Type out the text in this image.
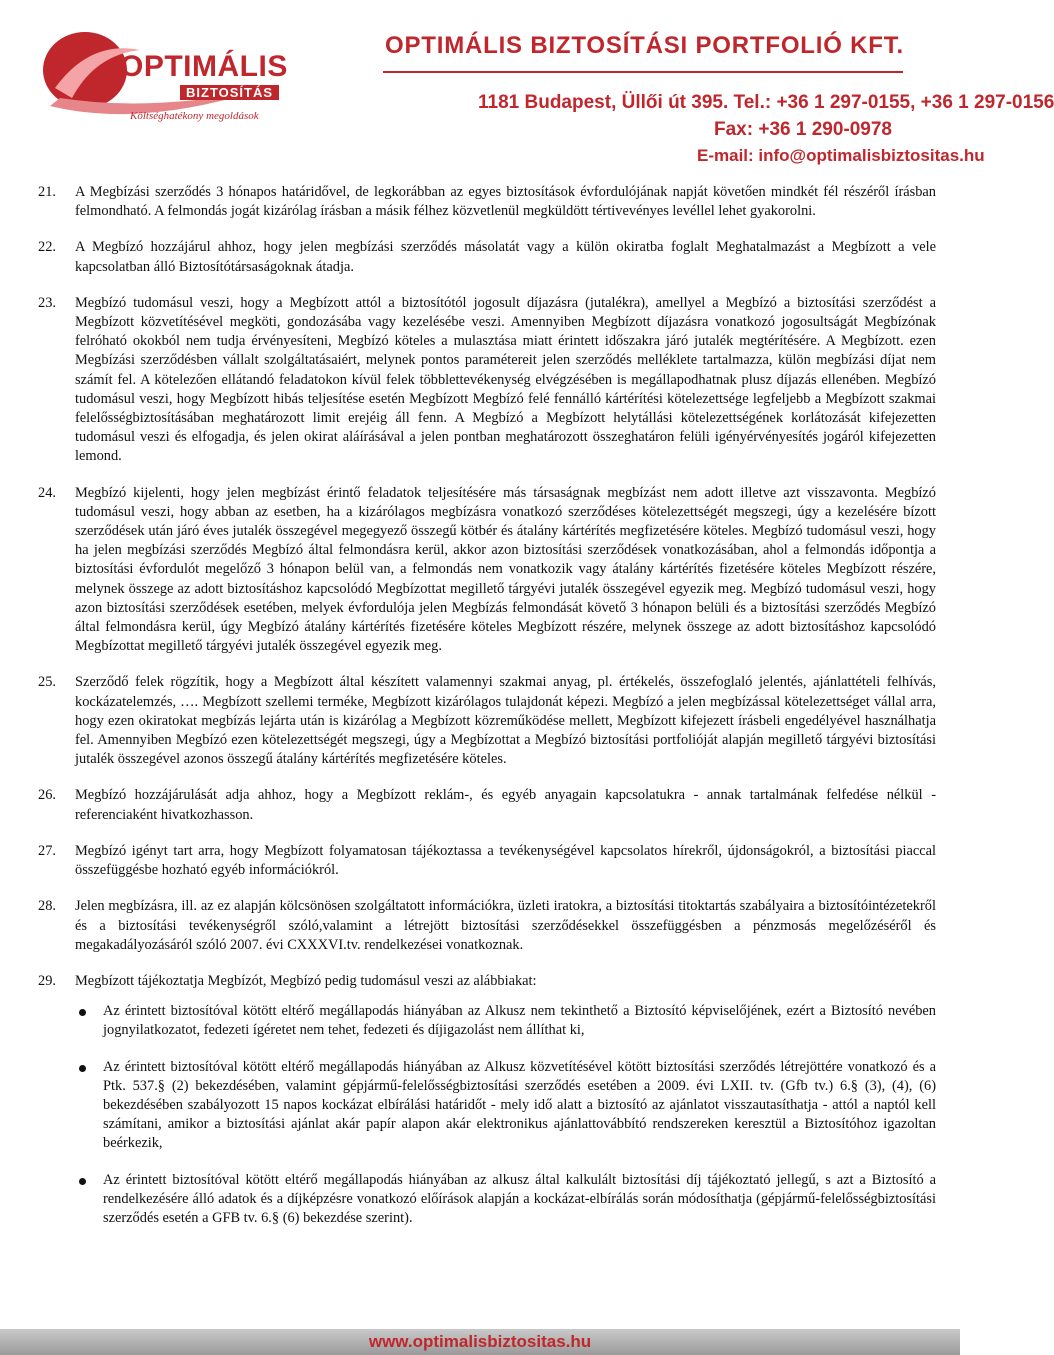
OPTIMÁLIS
BIZTOSÍTÁS
Költséghatékony megoldások
OPTIMÁLIS BIZTOSÍTÁSI PORTFOLIÓ KFT.
1181 Budapest, Üllői út 395. Tel.: +36 1 297-0155, +36 1 297-0156
Fax: +36 1 290-0978
E-mail: info@optimalisbiztositas.hu
21. A Megbízási szerződés 3 hónapos határidővel, de legkorábban az egyes biztosítások évfordulójának napját követően mindkét fél részéről írásban felmondható. A felmondás jogát kizárólag írásban a másik félhez közvetlenül megküldött tértivevényes levéllel lehet gyakorolni.
22. A Megbízó hozzájárul ahhoz, hogy jelen megbízási szerződés másolatát vagy a külön okiratba foglalt Meghatalmazást a Megbízott a vele kapcsolatban álló Biztosítótársaságoknak átadja.
23. Megbízó tudomásul veszi, hogy a Megbízott attól a biztosítótól jogosult díjazásra (jutalékra), amellyel a Megbízó a biztosítási szerződést a Megbízott közvetítésével megköti, gondozásába vagy kezelésébe veszi. Amennyiben Megbízott díjazásra vonatkozó jogosultságát Megbízónak felróható okokból nem tudja érvényesíteni, Megbízó köteles a mulasztása miatt érintett időszakra járó jutalék megtérítésére. A Megbízott. ezen Megbízási szerződésben vállalt szolgáltatásaiért, melynek pontos paramétereit jelen szerződés melléklete tartalmazza, külön megbízási díjat nem számít fel. A kötelezően ellátandó feladatokon kívül felek többlettevékenység elvégzésében is megállapodhatnak plusz díjazás ellenében. Megbízó tudomásul veszi, hogy Megbízott hibás teljesítése esetén Megbízott Megbízó felé fennálló kártérítési kötelezettsége legfeljebb a Megbízott szakmai felelősségbiztosításában meghatározott limit erejéig áll fenn. A Megbízó a Megbízott helytállási kötelezettségének korlátozását kifejezetten tudomásul veszi és elfogadja, és jelen okirat aláírásával a jelen pontban meghatározott összeghatáron felüli igényérvényesítés jogáról kifejezetten lemond.
24. Megbízó kijelenti, hogy jelen megbízást érintő feladatok teljesítésére más társaságnak megbízást nem adott illetve azt visszavonta. Megbízó tudomásul veszi, hogy abban az esetben, ha a kizárólagos megbízásra vonatkozó szerződéses kötelezettségét megszegi, úgy a kezelésére bízott szerződések után járó éves jutalék összegével megegyező összegű kötbér és átalány kártérítés megfizetésére köteles. Megbízó tudomásul veszi, hogy ha jelen megbízási szerződés Megbízó által felmondásra kerül, akkor azon biztosítási szerződések vonatkozásában, ahol a felmondás időpontja a biztosítási évfordulót megelőző 3 hónapon belül van, a felmondás nem vonatkozik vagy átalány kártérítés fizetésére köteles Megbízott részére, melynek összege az adott biztosításhoz kapcsolódó Megbízottat megillető tárgyévi jutalék összegével egyezik meg. Megbízó tudomásul veszi, hogy azon biztosítási szerződések esetében, melyek évfordulója jelen Megbízás felmondását követő 3 hónapon belüli és a biztosítási szerződés Megbízó által felmondásra kerül, úgy Megbízó átalány kártérítés fizetésére köteles Megbízott részére, melynek összege az adott biztosításhoz kapcsolódó Megbízottat megillető tárgyévi jutalék összegével egyezik meg.
25. Szerződő felek rögzítik, hogy a Megbízott által készített valamennyi szakmai anyag, pl. értékelés, összefoglaló jelentés, ajánlattételi felhívás, kockázatelemzés, …. Megbízott szellemi terméke, Megbízott kizárólagos tulajdonát képezi. Megbízó a jelen megbízással kötelezettséget vállal arra, hogy ezen okiratokat megbízás lejárta után is kizárólag a Megbízott közreműködése mellett, Megbízott kifejezett írásbeli engedélyével használhatja fel. Amennyiben Megbízó ezen kötelezettségét megszegi, úgy a Megbízottat a Megbízó biztosítási portfolióját alapján megillető tárgyévi biztosítási jutalék összegével azonos összegű átalány kártérítés megfizetésére köteles.
26. Megbízó hozzájárulását adja ahhoz, hogy a Megbízott reklám-, és egyéb anyagain kapcsolatukra - annak tartalmának felfedése nélkül - referenciaként hivatkozhasson.
27. Megbízó igényt tart arra, hogy Megbízott folyamatosan tájékoztassa a tevékenységével kapcsolatos hírekről, újdonságokról, a biztosítási piaccal összefüggésbe hozható egyéb információkról.
28. Jelen megbízásra, ill. az ez alapján kölcsönösen szolgáltatott információkra, üzleti iratokra, a biztosítási titoktartás szabályaira a biztosítóintézetekről és a biztosítási tevékenységről szóló,valamint a létrejött biztosítási szerződésekkel összefüggésben a pénzmosás megelőzéséről és megakadályozásáról szóló 2007. évi CXXXVI.tv. rendelkezései vonatkoznak.
29. Megbízott tájékoztatja Megbízót, Megbízó pedig tudomásul veszi az alábbiakat:
Az érintett biztosítóval kötött eltérő megállapodás hiányában az Alkusz nem tekinthető a Biztosító képviselőjének, ezért a Biztosító nevében jognyilatkozatot, fedezeti ígéretet nem tehet, fedezeti és díjigazolást nem állíthat ki,
Az érintett biztosítóval kötött eltérő megállapodás hiányában az Alkusz közvetítésével kötött biztosítási szerződés létrejöttére vonatkozó és a Ptk. 537.§ (2) bekezdésében, valamint gépjármű-felelősségbiztosítási szerződés esetében a 2009. évi LXII. tv. (Gfb tv.) 6.§ (3), (4), (6) bekezdésében szabályozott 15 napos kockázat elbírálási határidőt - mely idő alatt a biztosító az ajánlatot visszautasíthatja - attól a naptól kell számítani, amikor a biztosítási ajánlat akár papír alapon akár elektronikus ajánlattovábbító rendszereken keresztül a Biztosítóhoz igazoltan beérkezik,
Az érintett biztosítóval kötött eltérő megállapodás hiányában az alkusz által kalkulált biztosítási díj tájékoztató jellegű, s azt a Biztosító a rendelkezésére álló adatok és a díjképzésre vonatkozó előírások alapján a kockázat-elbírálás során módosíthatja (gépjármű-felelősségbiztosítási szerződés esetén a GFB tv. 6.§ (6) bekezdése szerint).
www.optimalisbiztositas.hu
